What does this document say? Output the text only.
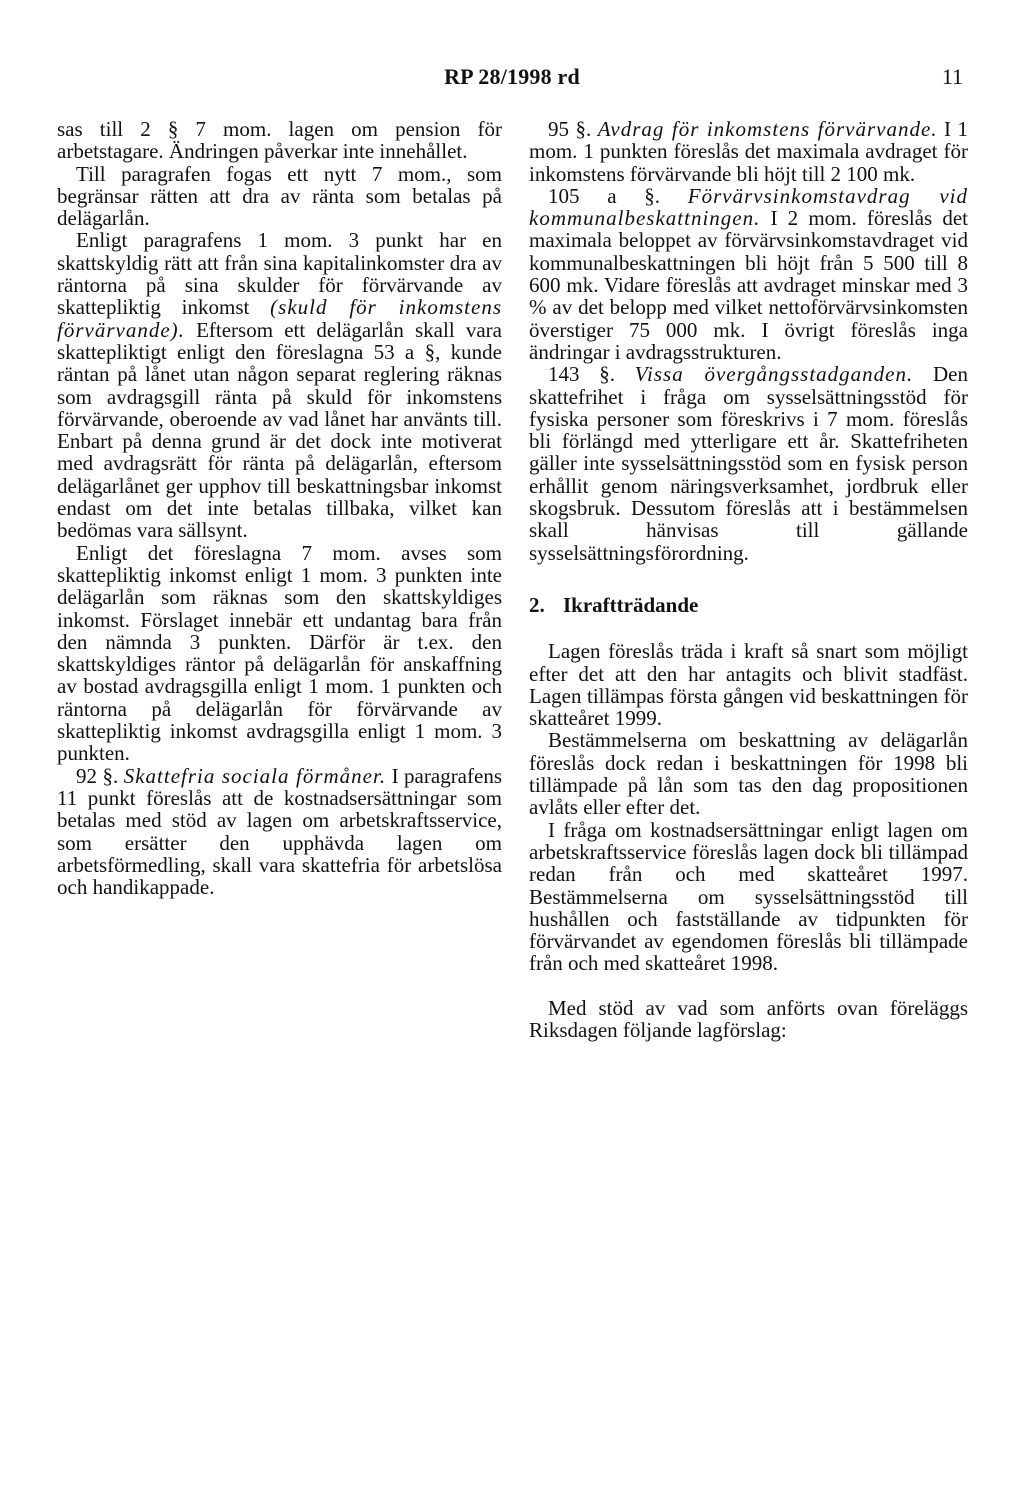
RP 28/1998 rd	11

sas till 2 § 7 mom. lagen om pension för arbetstagare. Ändringen påverkar inte innehållet.

Till paragrafen fogas ett nytt 7 mom., som begränsar rätten att dra av ränta som betalas på delägarlån.

Enligt paragrafens 1 mom. 3 punkt har en skattskyldig rätt att från sina kapitalinkomster dra av räntorna på sina skulder för förvärvande av skattepliktig inkomst (skuld för inkomstens förvärvande). Eftersom ett delägarlån skall vara skattepliktigt enligt den föreslagna 53 a §, kunde räntan på lånet utan någon separat reglering räknas som avdragsgill ränta på skuld för inkomstens förvärvande, oberoende av vad lånet har använts till. Enbart på denna grund är det dock inte motiverat med avdragsrätt för ränta på delägarlån, eftersom delägarlånet ger upphov till beskattningsbar inkomst endast om det inte betalas tillbaka, vilket kan bedömas vara sällsynt.

Enligt det föreslagna 7 mom. avses som skattepliktig inkomst enligt 1 mom. 3 punkten inte delägarlån som räknas som den skattskyldiges inkomst. Förslaget innebär ett undantag bara från den nämnda 3 punkten. Därför är t.ex. den skattskyldiges räntor på delägarlån för anskaffning av bostad avdragsgilla enligt 1 mom. 1 punkten och räntorna på delägarlån för förvärvande av skattepliktig inkomst avdragsgilla enligt 1 mom. 3 punkten.

92 §. Skattefria sociala förmåner. I paragrafens 11 punkt föreslås att de kostnadsersättningar som betalas med stöd av lagen om arbetskraftsservice, som ersätter den upphävda lagen om arbetsförmedling, skall vara skattefria för arbetslösa och handikappade.

95 §. Avdrag för inkomstens förvärvande. I 1 mom. 1 punkten föreslås det maximala avdraget för inkomstens förvärvande bli höjt till 2 100 mk.

105 a §. Förvärvsinkomstavdrag vid kommunalbeskattningen. I 2 mom. föreslås det maximala beloppet av förvärvsinkomstavdraget vid kommunalbeskattningen bli höjt från 5 500 till 8 600 mk. Vidare föreslås att avdraget minskar med 3 % av det belopp med vilket nettoförvärvsinkomsten överstiger 75 000 mk. I övrigt föreslås inga ändringar i avdragsstrukturen.

143 §. Vissa övergångsstadganden. Den skattefrihet i fråga om sysselsättningsstöd för fysiska personer som föreskrivs i 7 mom. föreslås bli förlängd med ytterligare ett år. Skattefriheten gäller inte sysselsättningsstöd som en fysisk person erhållit genom näringsverksamhet, jordbruk eller skogsbruk. Dessutom föreslås att i bestämmelsen skall hänvisas till gällande sysselsättningsförordning.

2. Ikraftträdande

Lagen föreslås träda i kraft så snart som möjligt efter det att den har antagits och blivit stadfäst. Lagen tillämpas första gången vid beskattningen för skatteåret 1999.

Bestämmelserna om beskattning av delägarlån föreslås dock redan i beskattningen för 1998 bli tillämpade på lån som tas den dag propositionen avlåts eller efter det.

I fråga om kostnadsersättningar enligt lagen om arbetskraftsservice föreslås lagen dock bli tillämpad redan från och med skatteåret 1997. Bestämmelserna om sysselsättningsstöd till hushållen och fastställande av tidpunkten för förvärvandet av egendomen föreslås bli tillämpade från och med skatteåret 1998.

Med stöd av vad som anförts ovan föreläggs Riksdagen följande lagförslag:
